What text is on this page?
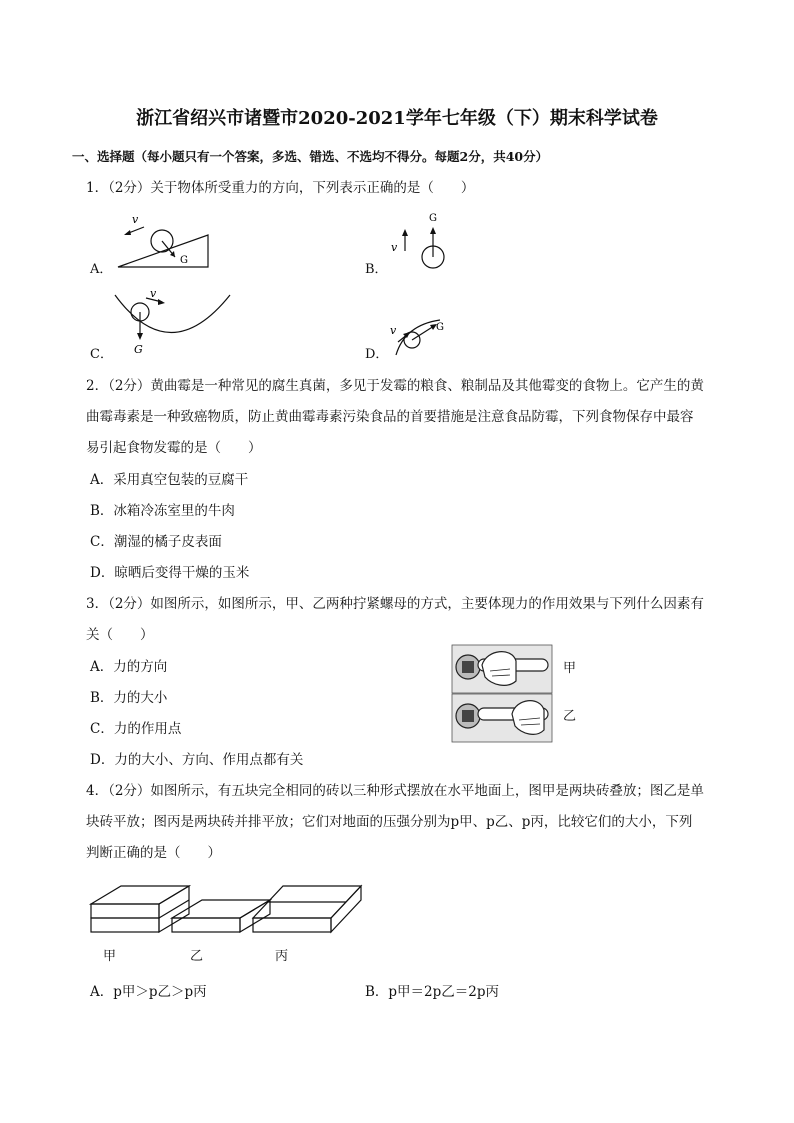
浙江省绍兴市诸暨市2020-2021学年七年级（下）期末科学试卷
一、选择题（每小题只有一个答案，多选、错选、不选均不得分。每题2分，共40分）
1．（2分）关于物体所受重力的方向，下列表示正确的是（　　）
A．	B．
C．	D．
v
G
G
v
v
G
v	G
2．（2分）黄曲霉是一种常见的腐生真菌，多见于发霉的粮食、粮制品及其他霉变的食物上。它产生的黄
曲霉毒素是一种致癌物质，防止黄曲霉毒素污染食品的首要措施是注意食品防霉，下列食物保存中最容
易引起食物发霉的是（　　）
A．采用真空包装的豆腐干
B．冰箱冷冻室里的牛肉
C．潮湿的橘子皮表面
D．晾晒后变得干燥的玉米
3．（2分）如图所示，如图所示，甲、乙两种拧紧螺母的方式，主要体现力的作用效果与下列什么因素有
关（　　）
A．力的方向
B．力的大小
C．力的作用点
D．力的大小、方向、作用点都有关
甲
乙
4．（2分）如图所示，有五块完全相同的砖以三种形式摆放在水平地面上，图甲是两块砖叠放；图乙是单
块砖平放；图丙是两块砖并排平放；它们对地面的压强分别为p甲、p乙、p丙，比较它们的大小，下列
判断正确的是（　　）
甲	乙	丙
A．p甲＞p乙＞p丙	B．p甲＝2p乙＝2p丙
